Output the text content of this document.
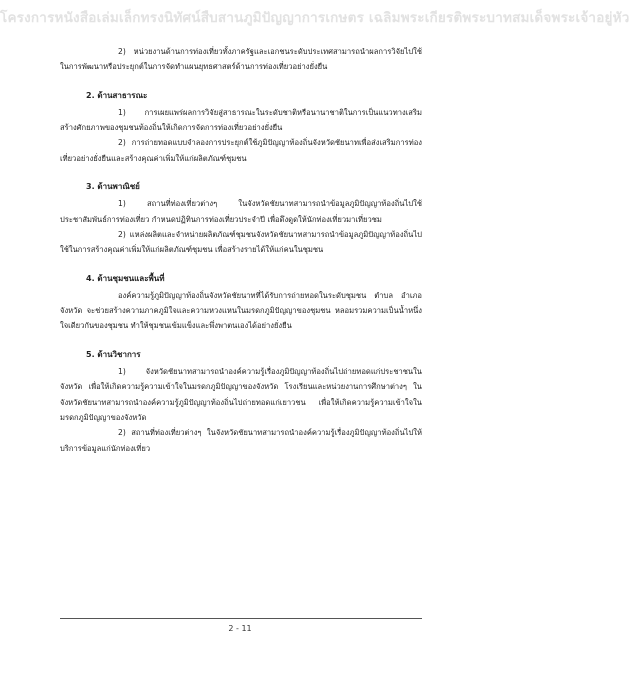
โครงการหนังสือเล่มเล็กทรงนิทัศน์สืบสานภูมิปัญญาการเกษตร เฉลิมพระเกียรติพระบาทสมเด็จพระเจ้าอยู่หัว

2) หน่วยงานด้านการท่องเที่ยวทั้งภาครัฐและเอกชนระดับประเทศสามารถนำผลการวิจัยไปใช้ในการพัฒนาหรือประยุกต์ในการจัดทำแผนยุทธศาสตร์ด้านการท่องเที่ยวอย่างยั่งยืน

2. ด้านสาธารณะ

1) การเผยแพร่ผลการวิจัยสู่สาธารณะในระดับชาติหรือนานาชาติในการเป็นแนวทางเสริมสร้างศักยภาพของชุมชนท้องถิ่นให้เกิดการจัดการท่องเที่ยวอย่างยั่งยืน

2) การถ่ายทอดแบบจำลองการประยุกต์ใช้ภูมิปัญญาท้องถิ่นจังหวัดชัยนาทเพื่อส่งเสริมการท่องเที่ยวอย่างยั่งยืนและสร้างคุณค่าเพิ่มให้แก่ผลิตภัณฑ์ชุมชน

3. ด้านพาณิชย์

1) สถานที่ท่องเที่ยวต่างๆ ในจังหวัดชัยนาทสามารถนำข้อมูลภูมิปัญญาท้องถิ่นไปใช้ประชาสัมพันธ์การท่องเที่ยว กำหนดปฏิทินการท่องเที่ยวประจำปี เพื่อดึงดูดให้นักท่องเที่ยวมาเที่ยวชม

2) แหล่งผลิตและจำหน่ายผลิตภัณฑ์ชุมชนจังหวัดชัยนาทสามารถนำข้อมูลภูมิปัญญาท้องถิ่นไปใช้ในการสร้างคุณค่าเพิ่มให้แก่ผลิตภัณฑ์ชุมชน เพื่อสร้างรายได้ให้แก่คนในชุมชน

4. ด้านชุมชนและพื้นที่

องค์ความรู้ภูมิปัญญาท้องถิ่นจังหวัดชัยนาทที่ได้รับการถ่ายทอดในระดับชุมชน ตำบล อำเภอ จังหวัด จะช่วยสร้างความภาคภูมิใจและความหวงแหนในมรดกภูมิปัญญาของชุมชน หลอมรวมความเป็นน้ำหนึ่งใจเดียวกันของชุมชน ทำให้ชุมชนเข้มแข็งและพึ่งพาตนเองได้อย่างยั่งยืน

5. ด้านวิชาการ

1) จังหวัดชัยนาทสามารถนำองค์ความรู้เรื่องภูมิปัญญาท้องถิ่นไปถ่ายทอดแก่ประชาชนในจังหวัด เพื่อให้เกิดความรู้ความเข้าใจในมรดกภูมิปัญญาของจังหวัด โรงเรียนและหน่วยงานการศึกษาต่างๆ ในจังหวัดชัยนาทสามารถนำองค์ความรู้ภูมิปัญญาท้องถิ่นไปถ่ายทอดแก่เยาวชน เพื่อให้เกิดความรู้ความเข้าใจในมรดกภูมิปัญญาของจังหวัด

2) สถานที่ท่องเที่ยวต่างๆ ในจังหวัดชัยนาทสามารถนำองค์ความรู้เรื่องภูมิปัญญาท้องถิ่นไปให้บริการข้อมูลแก่นักท่องเที่ยว

2 - 11
